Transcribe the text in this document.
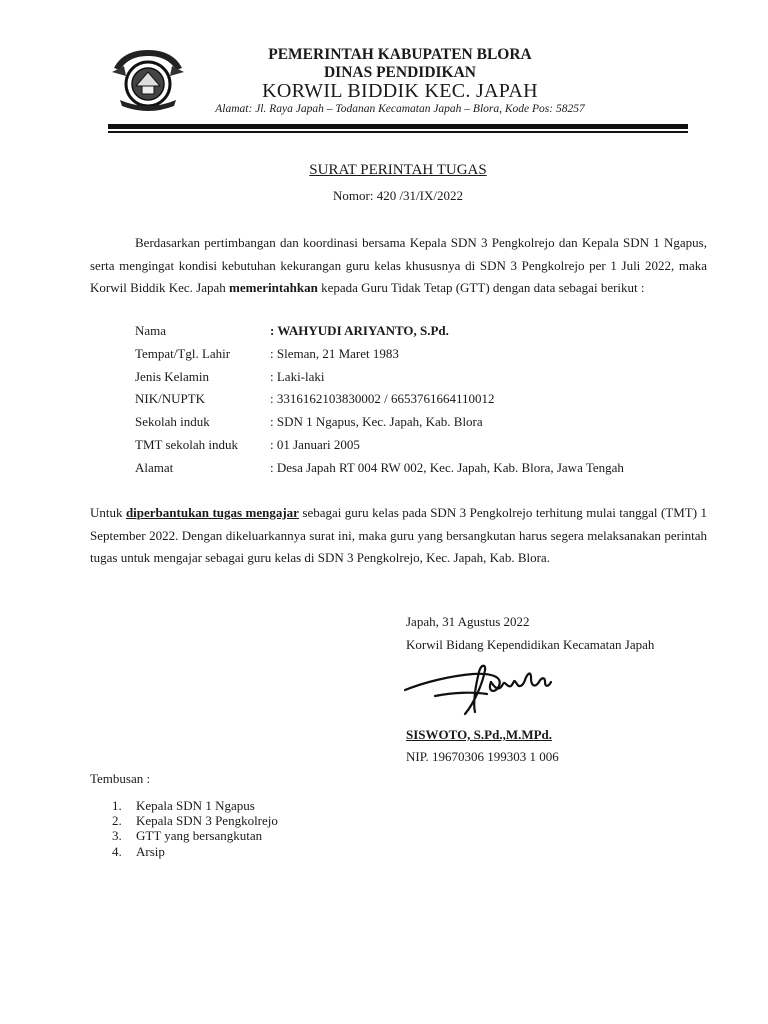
PEMERINTAH KABUPATEN BLORA
DINAS PENDIDIKAN
KORWIL BIDDIK KEC. JAPAH
Alamat: Jl. Raya Japah – Todanan Kecamatan Japah – Blora, Kode Pos: 58257
SURAT PERINTAH TUGAS
Nomor: 420 /31/IX/2022
Berdasarkan pertimbangan dan koordinasi bersama Kepala SDN 3 Pengkolrejo dan Kepala SDN 1 Ngapus, serta mengingat kondisi kebutuhan kekurangan guru kelas khususnya di SDN 3 Pengkolrejo per 1 Juli 2022, maka Korwil Biddik Kec. Japah memerintahkan kepada Guru Tidak Tetap (GTT) dengan data sebagai berikut :
Nama	: WAHYUDI ARIYANTO, S.Pd.
Tempat/Tgl. Lahir	: Sleman, 21 Maret 1983
Jenis Kelamin	: Laki-laki
NIK/NUPTK	: 3316162103830002 / 6653761664110012
Sekolah induk	: SDN 1 Ngapus, Kec. Japah, Kab. Blora
TMT sekolah induk : 01 Januari 2005
Alamat	: Desa Japah RT 004 RW 002, Kec. Japah, Kab. Blora, Jawa Tengah
Untuk diperbantukan tugas mengajar sebagai guru kelas pada SDN 3 Pengkolrejo terhitung mulai tanggal (TMT) 1 September 2022. Dengan dikeluarkannya surat ini, maka guru yang bersangkutan harus segera melaksanakan perintah tugas untuk mengajar sebagai guru kelas di SDN 3 Pengkolrejo, Kec. Japah, Kab. Blora.
Japah, 31 Agustus 2022
Korwil Bidang Kependidikan Kecamatan Japah
SISWOTO, S.Pd.,M.MPd.
NIP. 19670306 199303 1 006
Tembusan :
1. Kepala SDN 1 Ngapus
2. Kepala SDN 3 Pengkolrejo
3. GTT yang bersangkutan
4. Arsip
